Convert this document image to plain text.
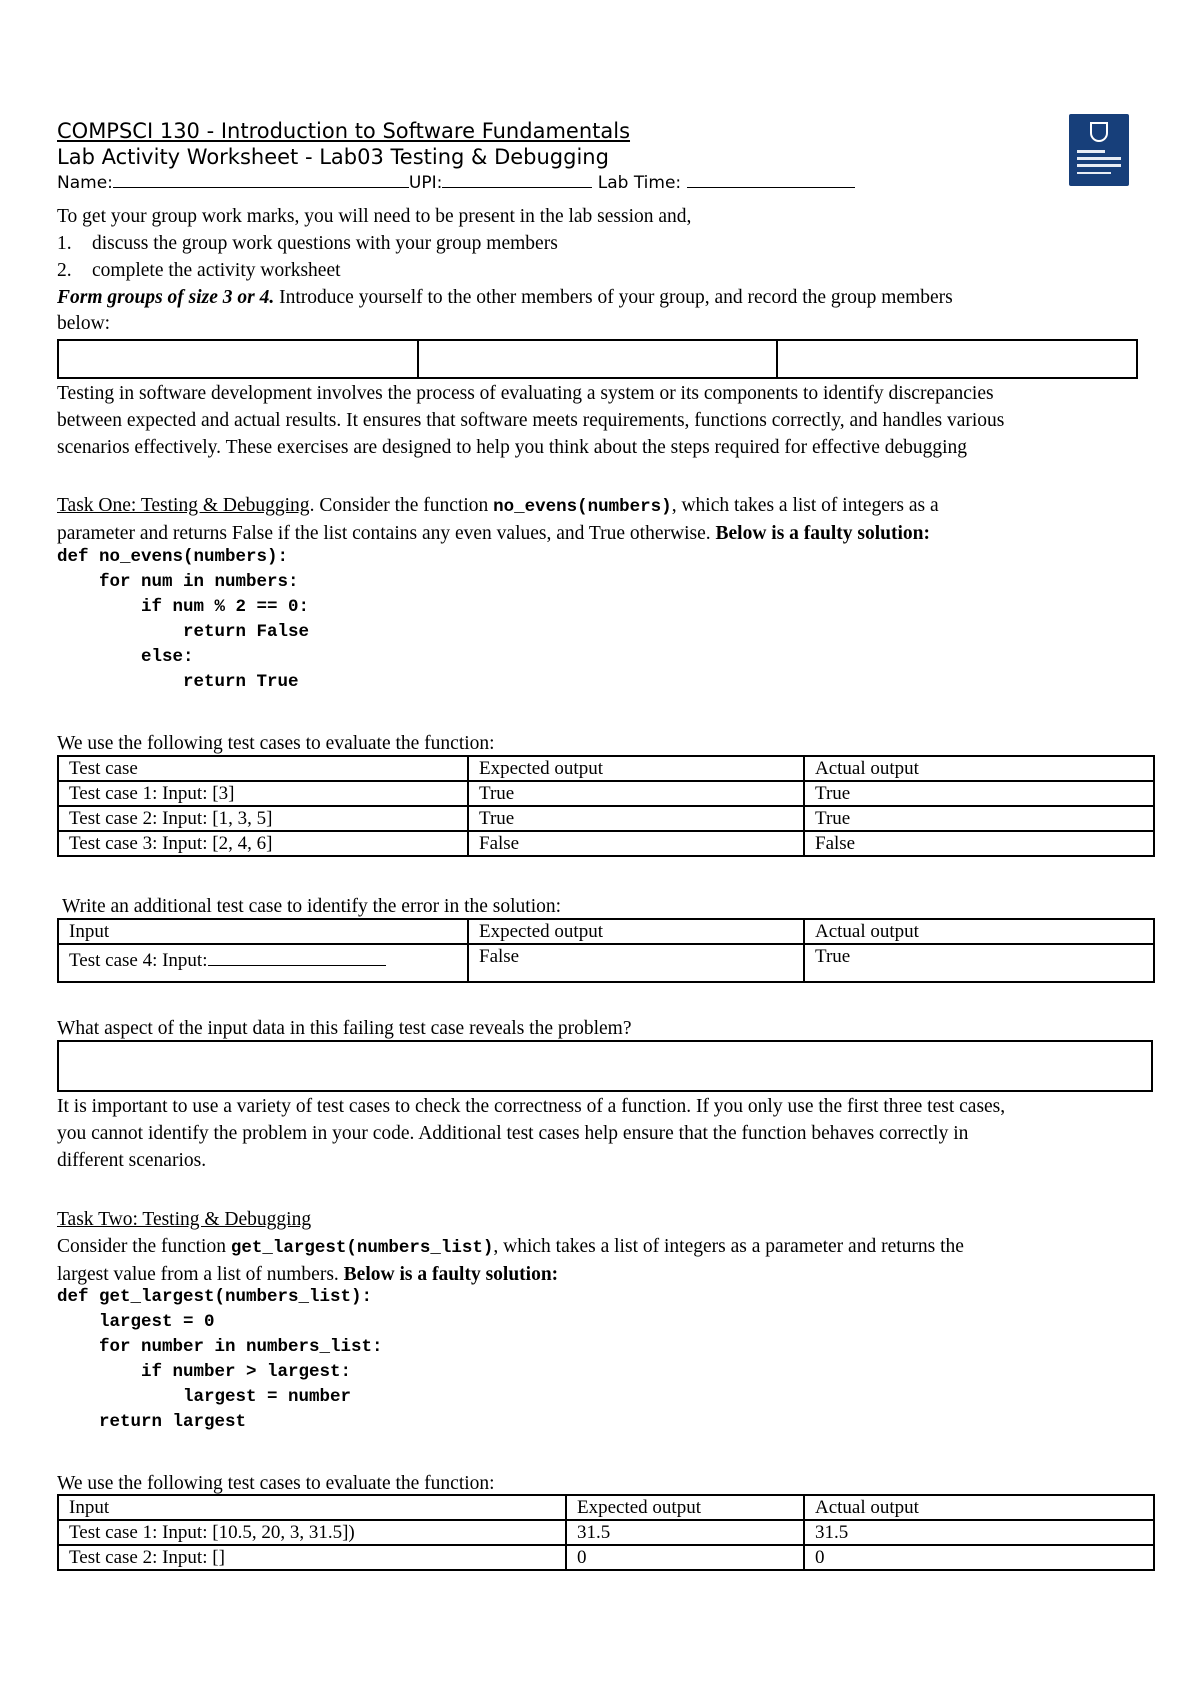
COMPSCI 130 - Introduction to Software Fundamentals
Lab Activity Worksheet - Lab03 Testing & Debugging
Name:	UPI:	Lab Time:
To get your group work marks, you will need to be present in the lab session and,
1. discuss the group work questions with your group members
2. complete the activity worksheet
Form groups of size 3 or 4. Introduce yourself to the other members of your group, and record the group members
below:

Testing in software development involves the process of evaluating a system or its components to identify discrepancies
between expected and actual results. It ensures that software meets requirements, functions correctly, and handles various
scenarios effectively. These exercises are designed to help you think about the steps required for effective debugging
Task One: Testing & Debugging. Consider the function no_evens(numbers), which takes a list of integers as a
parameter and returns False if the list contains any even values, and True otherwise. Below is a faulty solution:
def no_evens(numbers):
for num in numbers:
if num % 2 == 0:
return False
else:
return True
We use the following test cases to evaluate the function:
Test case	Expected output	Actual output
Test case 1: Input: [3]	True	True
Test case 2: Input: [1, 3, 5]	True	True
Test case 3: Input: [2, 4, 6]	False	False
Write an additional test case to identify the error in the solution:
Input	Expected output	Actual output
Test case 4: Input:	False	True
What aspect of the input data in this failing test case reveals the problem?
It is important to use a variety of test cases to check the correctness of a function. If you only use the first three test cases,
you cannot identify the problem in your code. Additional test cases help ensure that the function behaves correctly in
different scenarios.
Task Two: Testing & Debugging
Consider the function get_largest(numbers_list), which takes a list of integers as a parameter and returns the
largest value from a list of numbers. Below is a faulty solution:
def get_largest(numbers_list):
largest = 0
for number in numbers_list:
if number > largest:
largest = number
return largest
We use the following test cases to evaluate the function:
Input	Expected output	Actual output
Test case 1: Input: [10.5, 20, 3, 31.5])	31.5	31.5
Test case 2: Input: []	0	0
